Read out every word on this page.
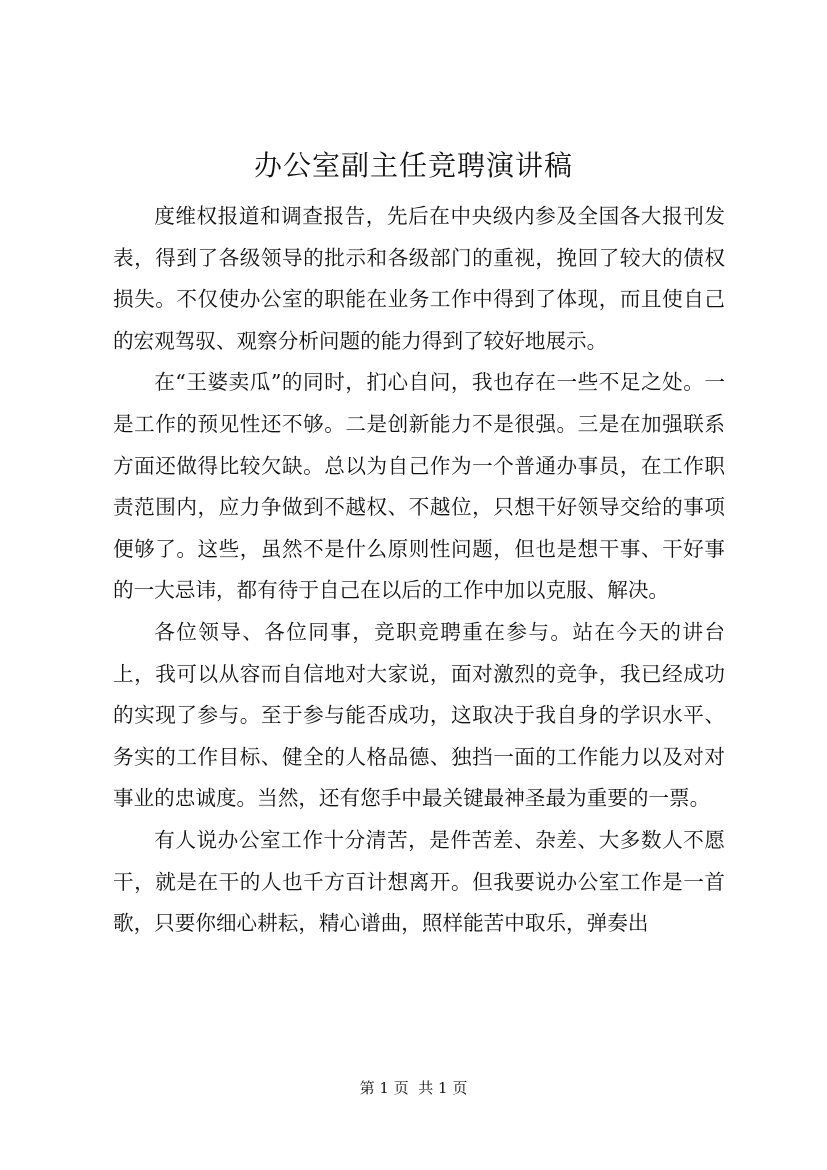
办公室副主任竞聘演讲稿

度维权报道和调查报告，先后在中央级内参及全国各大报刊发表，得到了各级领导的批示和各级部门的重视，挽回了较大的债权损失。不仅使办公室的职能在业务工作中得到了体现，而且使自己的宏观驾驭、观察分析问题的能力得到了较好地展示。

在“王婆卖瓜”的同时，扪心自问，我也存在一些不足之处。一是工作的预见性还不够。二是创新能力不是很强。三是在加强联系方面还做得比较欠缺。总以为自己作为一个普通办事员，在工作职责范围内，应力争做到不越权、不越位，只想干好领导交给的事项便够了。这些，虽然不是什么原则性问题，但也是想干事、干好事的一大忌讳，都有待于自己在以后的工作中加以克服、解决。

各位领导、各位同事，竞职竞聘重在参与。站在今天的讲台上，我可以从容而自信地对大家说，面对激烈的竞争，我已经成功的实现了参与。至于参与能否成功，这取决于我自身的学识水平、务实的工作目标、健全的人格品德、独挡一面的工作能力以及对对事业的忠诚度。当然，还有您手中最关键最神圣最为重要的一票。

有人说办公室工作十分清苦，是件苦差、杂差、大多数人不愿干，就是在干的人也千方百计想离开。但我要说办公室工作是一首歌，只要你细心耕耘，精心谱曲，照样能苦中取乐，弹奏出

第 1 页  共 1 页
